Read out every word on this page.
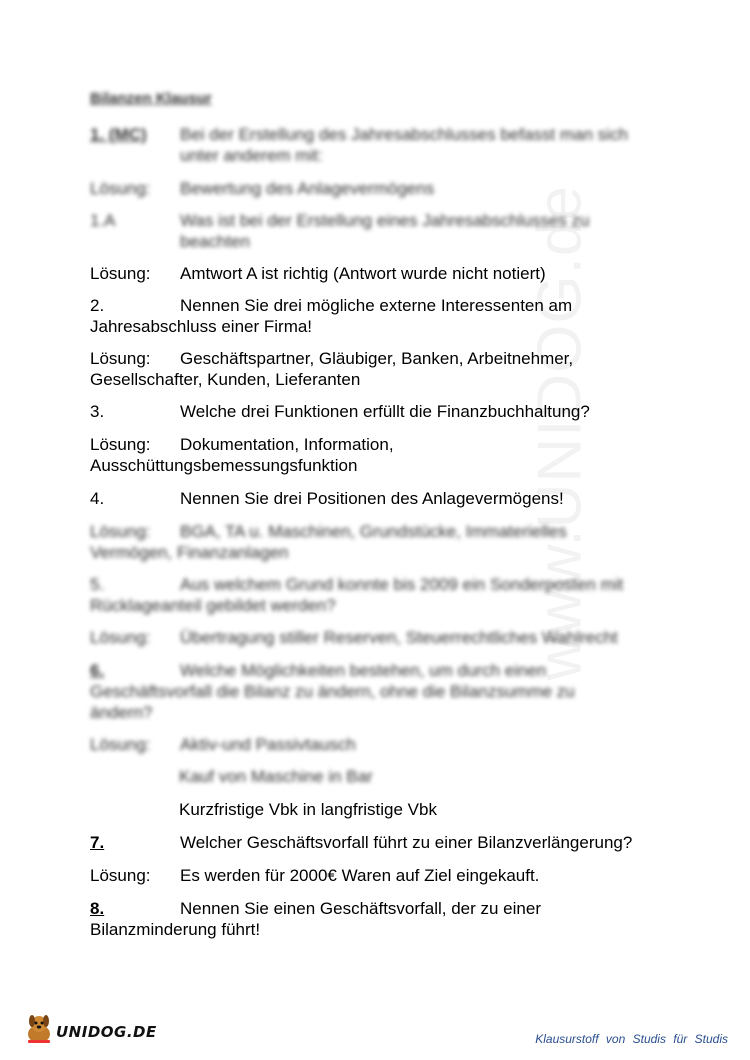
www.UNIDOG.de
Bilanzen Klausur
1. (MC)	Bei der Erstellung des Jahresabschlusses befasst man sich unter anderem mit:
Lösung:	Bewertung des Anlagevermögens
1.A	Was ist bei der Erstellung eines Jahresabschlusses zu beachten
Lösung:	Amtwort A ist richtig (Antwort wurde nicht notiert)
2.	Nennen Sie drei mögliche externe Interessenten am
Jahresabschluss einer Firma!
Lösung:	Geschäftspartner, Gläubiger, Banken, Arbeitnehmer,
Gesellschafter, Kunden, Lieferanten
3.	Welche drei Funktionen erfüllt die Finanzbuchhaltung?
Lösung:	Dokumentation, Information,
Ausschüttungsbemessungsfunktion
4.	Nennen Sie drei Positionen des Anlagevermögens!
Lösung:	BGA, TA u. Maschinen, Grundstücke, Immaterielles
Vermögen, Finanzanlagen
5.	Aus welchem Grund konnte bis 2009 ein Sonderposten mit
Rücklageanteil gebildet werden?
Lösung:	Übertragung stiller Reserven, Steuerrechtliches Wahlrecht
6.	Welche Möglichkeiten bestehen, um durch einen
Geschäftsvorfall die Bilanz zu ändern, ohne die Bilanzsumme zu
ändern?
Lösung:	Aktiv-und Passivtausch
Kauf von Maschine in Bar
Kurzfristige Vbk in langfristige Vbk
7.	Welcher Geschäftsvorfall führt zu einer Bilanzverlängerung?
Lösung:	Es werden für 2000€ Waren auf Ziel eingekauft.
8.	Nennen Sie einen Geschäftsvorfall, der zu einer
Bilanzminderung führt!
UNIDOG.DE	Klausurstoff von Studis für Studis
